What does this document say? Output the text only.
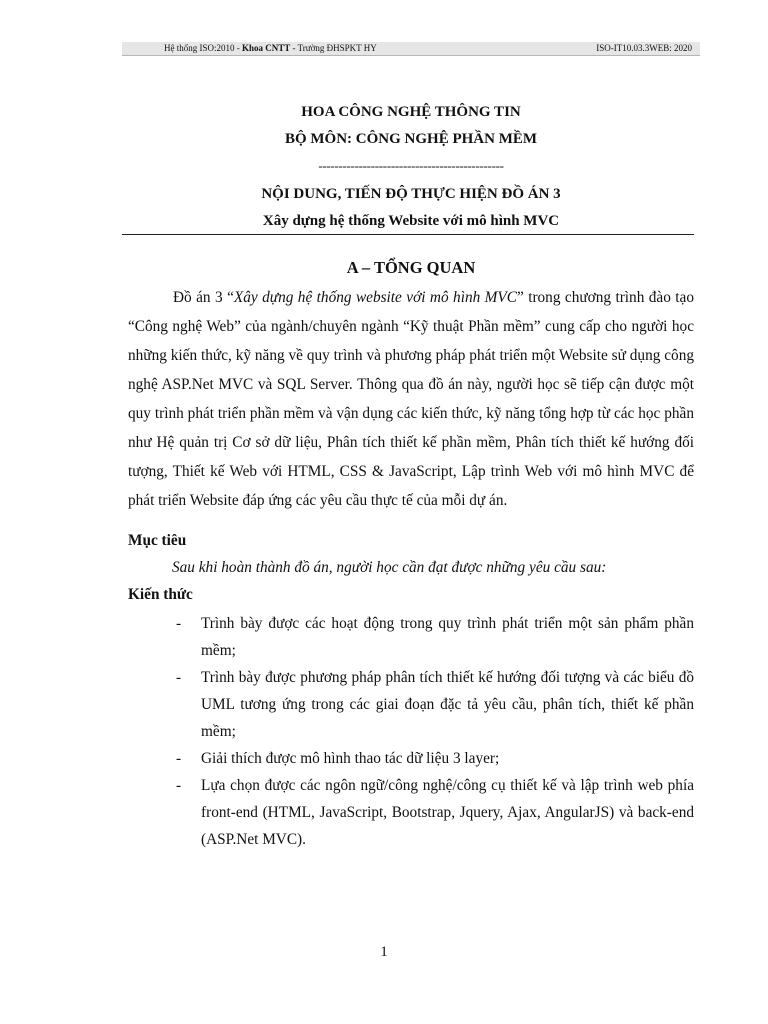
Hệ thống ISO:2010 - Khoa CNTT - Trường ĐHSPKT HY	ISO-IT10.03.3WEB: 2020

HOA CÔNG NGHỆ THÔNG TIN

BỘ MÔN: CÔNG NGHỆ PHẦN MỀM

----------------------------------------------

NỘI DUNG, TIẾN ĐỘ THỰC HIỆN ĐỒ ÁN 3

Xây dựng hệ thống Website với mô hình MVC

A – TỔNG QUAN

Đồ án 3 “Xây dựng hệ thống website với mô hình MVC” trong chương trình đào tạo “Công nghệ Web” của ngành/chuyên ngành “Kỹ thuật Phần mềm” cung cấp cho người học những kiến thức, kỹ năng về quy trình và phương pháp phát triển một Website sử dụng công nghệ ASP.Net MVC và SQL Server. Thông qua đồ án này, người học sẽ tiếp cận được một quy trình phát triển phần mềm và vận dụng các kiến thức, kỹ năng tổng hợp từ các học phần như Hệ quản trị Cơ sở dữ liệu, Phân tích thiết kế phần mềm, Phân tích thiết kế hướng đối tượng, Thiết kế Web với HTML, CSS & JavaScript, Lập trình Web với mô hình MVC để phát triển Website đáp ứng các yêu cầu thực tế của mỗi dự án.

Mục tiêu

Sau khi hoàn thành đồ án, người học cần đạt được những yêu cầu sau:

Kiến thức

- Trình bày được các hoạt động trong quy trình phát triển một sản phẩm phần mềm;
- Trình bày được phương pháp phân tích thiết kế hướng đối tượng và các biểu đồ UML tương ứng trong các giai đoạn đặc tả yêu cầu, phân tích, thiết kế phần mềm;
- Giải thích được mô hình thao tác dữ liệu 3 layer;
- Lựa chọn được các ngôn ngữ/công nghệ/công cụ thiết kế và lập trình web phía front-end (HTML, JavaScript, Bootstrap, Jquery, Ajax, AngularJS) và back-end (ASP.Net MVC).

1
